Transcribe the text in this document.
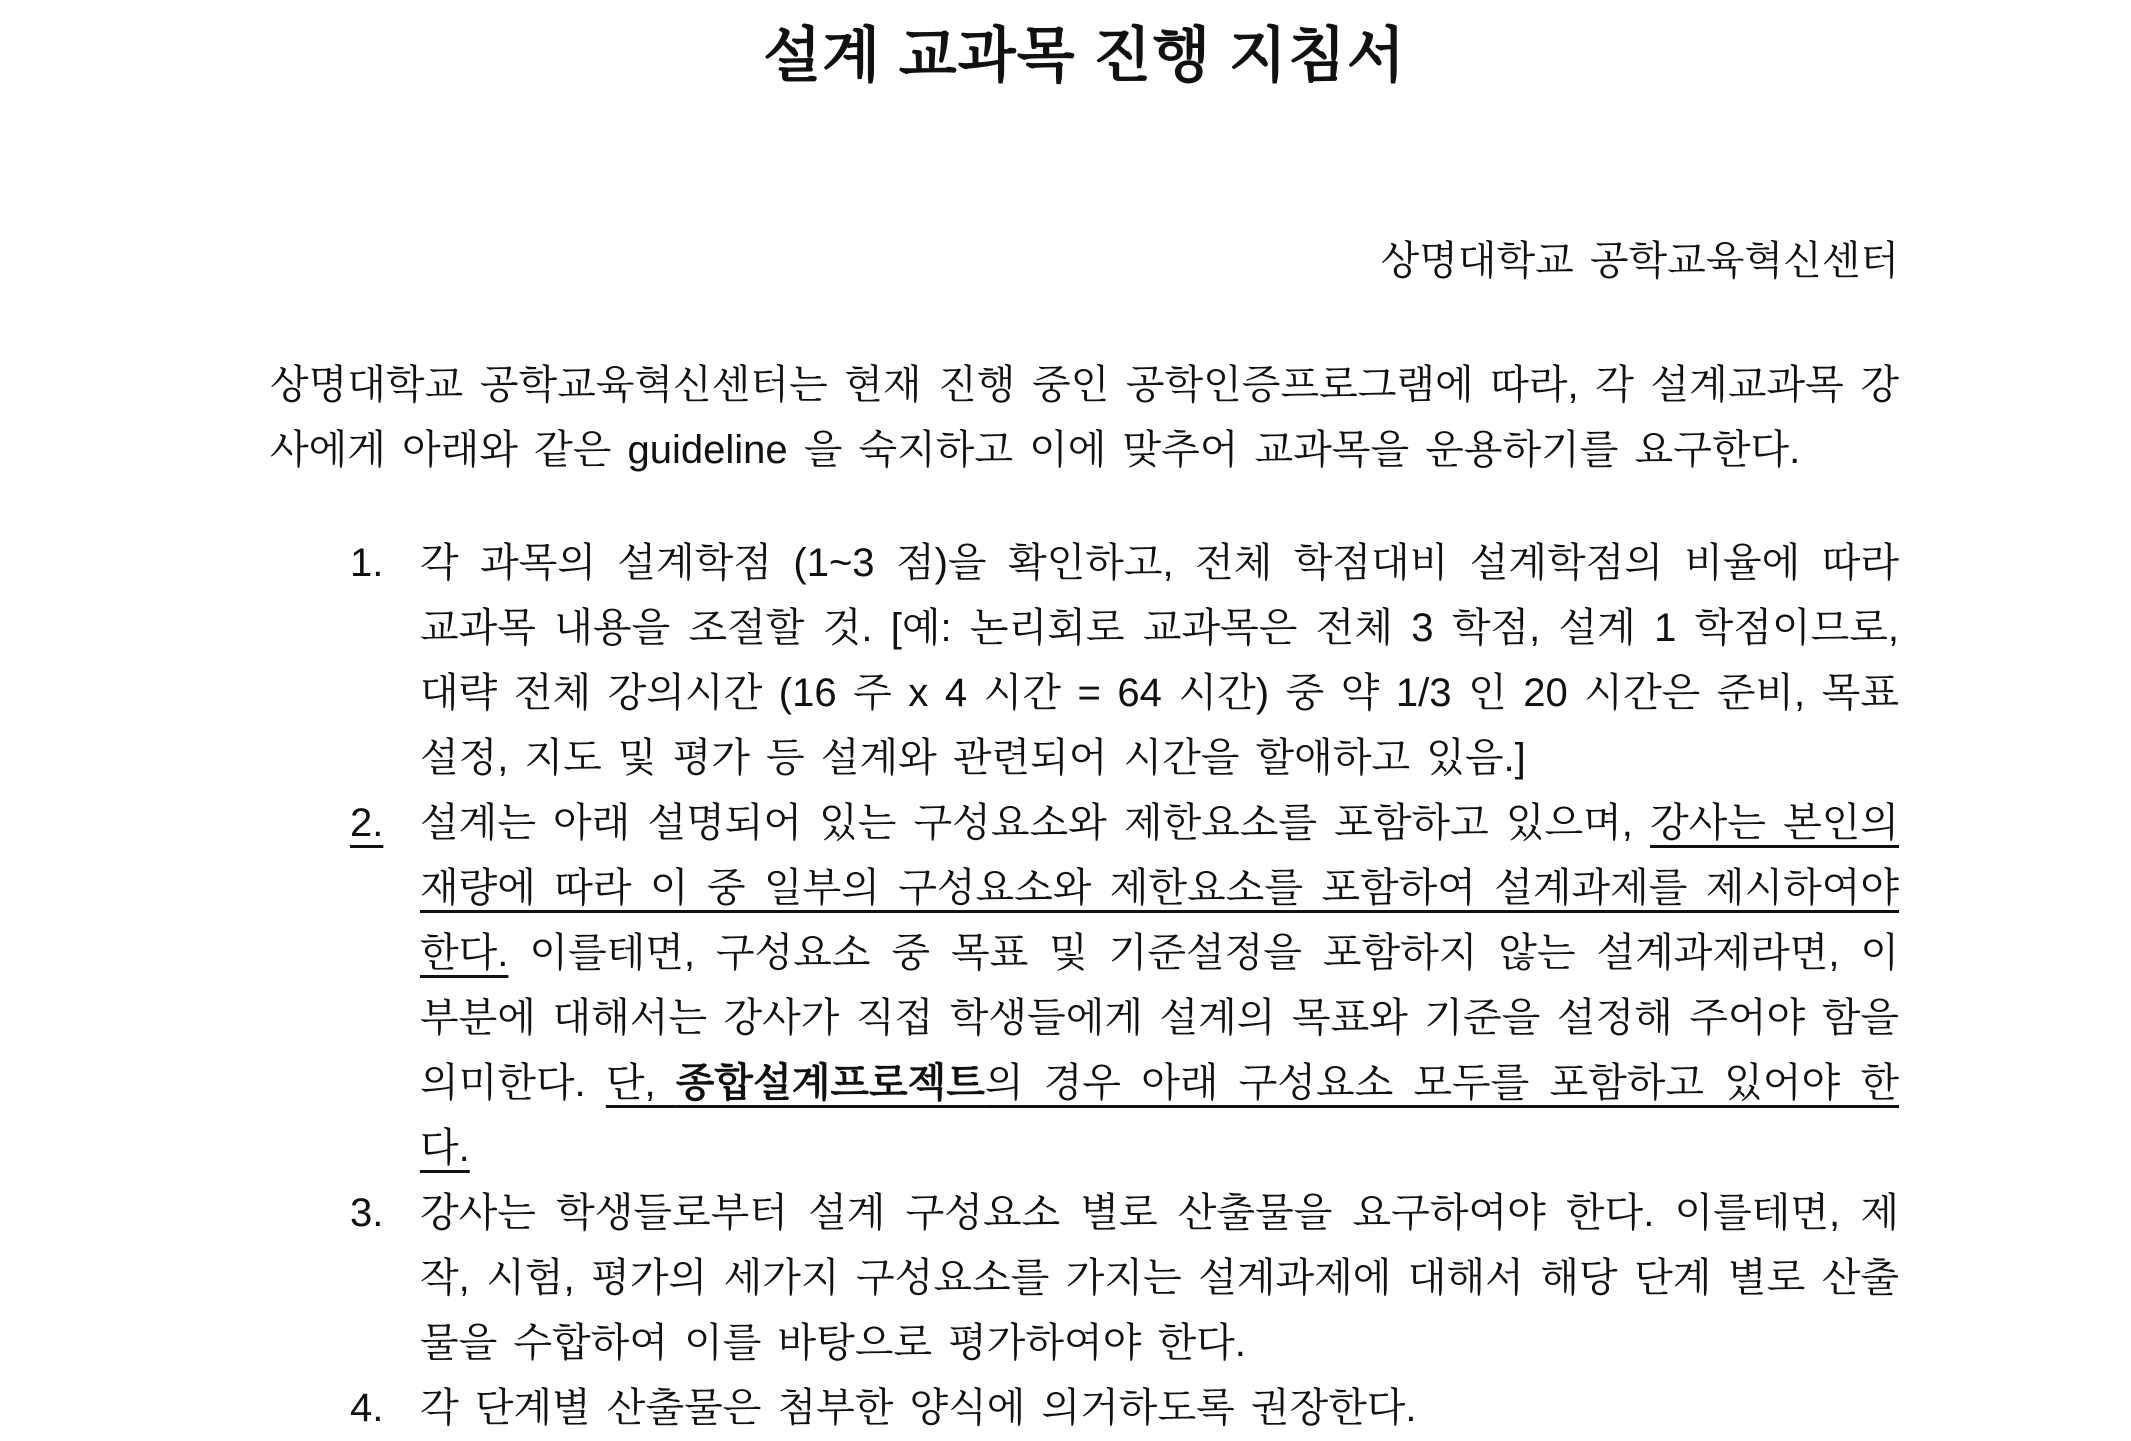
설계 교과목 진행 지침서
상명대학교 공학교육혁신센터

상명대학교 공학교육혁신센터는 현재 진행 중인 공학인증프로그램에 따라, 각 설계교과목 강사에게 아래와 같은 guideline 을 숙지하고 이에 맞추어 교과목을 운용하기를 요구한다.

1. 각 과목의 설계학점 (1~3 점)을 확인하고, 전체 학점대비 설계학점의 비율에 따라 교과목 내용을 조절할 것. [예: 논리회로 교과목은 전체 3 학점, 설계 1 학점이므로, 대략 전체 강의시간 (16 주 x 4 시간 = 64 시간) 중 약 1/3 인 20 시간은 준비, 목표 설정, 지도 및 평가 등 설계와 관련되어 시간을 할애하고 있음.]
2. 설계는 아래 설명되어 있는 구성요소와 제한요소를 포함하고 있으며, 강사는 본인의 재량에 따라 이 중 일부의 구성요소와 제한요소를 포함하여 설계과제를 제시하여야 한다. 이를테면, 구성요소 중 목표 및 기준설정을 포함하지 않는 설계과제라면, 이 부분에 대해서는 강사가 직접 학생들에게 설계의 목표와 기준을 설정해 주어야 함을 의미한다. 단, 종합설계프로젝트의 경우 아래 구성요소 모두를 포함하고 있어야 한다.
3. 강사는 학생들로부터 설계 구성요소 별로 산출물을 요구하여야 한다. 이를테면, 제작, 시험, 평가의 세가지 구성요소를 가지는 설계과제에 대해서 해당 단계 별로 산출물을 수합하여 이를 바탕으로 평가하여야 한다.
4. 각 단계별 산출물은 첨부한 양식에 의거하도록 권장한다.
